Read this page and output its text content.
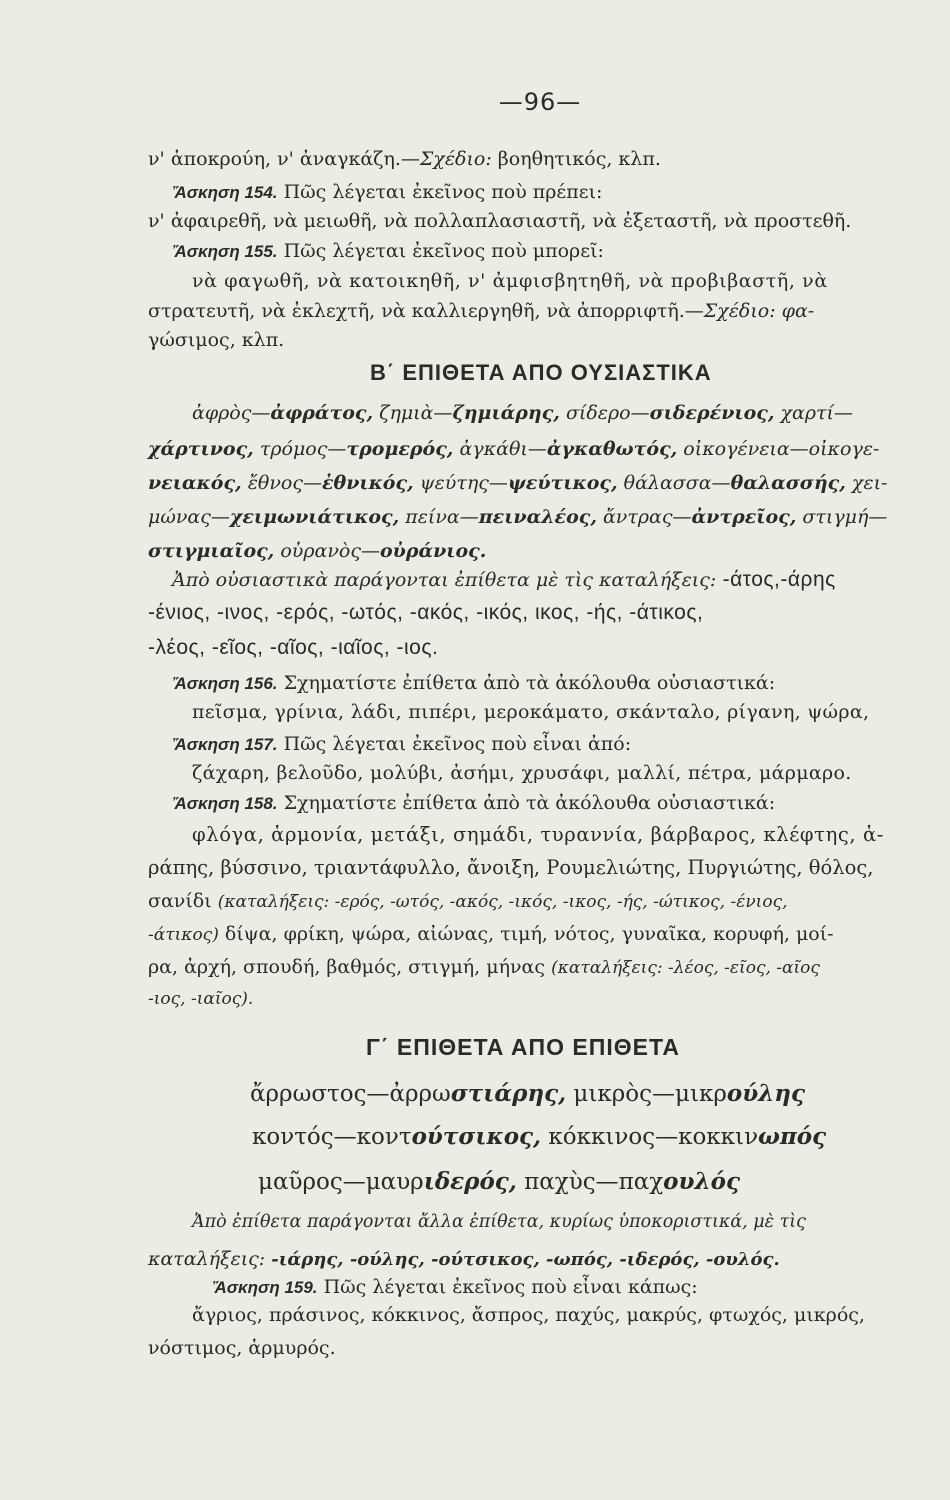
—96—
ν' ἀποκρούη, ν' ἀναγκάζη.—Σχέδιο: βοηθητικός, κλπ.
Ἄσκηση 154. Πῶς λέγεται ἐκεῖνος ποὺ πρέπει:
ν' ἀφαιρεθῆ, νὰ μειωθῆ, νὰ πολλαπλασιαστῆ, νὰ ἐξεταστῆ, νὰ προστεθῆ.
Ἄσκηση 155. Πῶς λέγεται ἐκεῖνος ποὺ μπορεῖ:
νὰ φαγωθῆ, νὰ κατοικηθῆ, ν' ἀμφισβητηθῆ, νὰ προβιβαστῆ, νὰ
στρατευτῆ, νὰ ἐκλεχτῆ, νὰ καλλιεργηθῆ, νὰ ἀπορριφτῆ.—Σχέδιο: φα-
γώσιμος, κλπ.
Β΄ ΕΠΙΘΕΤΑ ΑΠΟ ΟΥΣΙΑΣΤΙΚΑ
ἀφρὸς—ἀφράτος, ζημιὰ—ζημιάρης, σίδερο—σιδερένιος, χαρτί—
χάρτινος, τρόμος—τρομερός, ἀγκάθι—ἀγκαθωτός, οἰκογένεια—οἰκογε-
νειακός, ἔθνος—ἐθνικός, ψεύτης—ψεύτικος, θάλασσα—θαλασσής, χει-
μώνας—χειμωνιάτικος, πείνα—πειναλέος, ἄντρας—ἀντρεῖος, στιγμή—
στιγμιαῖος, οὐρανὸς—οὐράνιος.
Ἀπὸ οὐσιαστικὰ παράγονται ἐπίθετα μὲ τὶς καταλήξεις: -άτος,-άρης
-ένιος, -ινος, -ερός, -ωτός, -ακός, -ικός, ικος, -ής, -άτικος,
-λέος, -εῖος, -αῖος, -ιαῖος, -ιος.
Ἄσκηση 156. Σχηματίστε ἐπίθετα ἀπὸ τὰ ἀκόλουθα οὐσιαστικά:
πεῖσμα, γρίνια, λάδι, πιπέρι, μεροκάματο, σκάνταλο, ρίγανη, ψώρα,
Ἄσκηση 157. Πῶς λέγεται ἐκεῖνος ποὺ εἶναι ἀπό:
ζάχαρη, βελοῦδο, μολύβι, ἀσήμι, χρυσάφι, μαλλί, πέτρα, μάρμαρο.
Ἄσκηση 158. Σχηματίστε ἐπίθετα ἀπὸ τὰ ἀκόλουθα οὐσιαστικά:
φλόγα, ἁρμονία, μετάξι, σημάδι, τυραννία, βάρβαρος, κλέφτης, ἁ-
ράπης, βύσσινο, τριαντάφυλλο, ἄνοιξη, Ρουμελιώτης, Πυργιώτης, θόλος,
σανίδι (καταλήξεις: -ερός, -ωτός, -ακός, -ικός, -ικος, -ής, -ώτικος, -ένιος,
-άτικος) δίψα, φρίκη, ψώρα, αἰώνας, τιμή, νότος, γυναῖκα, κορυφή, μοί-
ρα, ἀρχή, σπουδή, βαθμός, στιγμή, μήνας (καταλήξεις: -λέος, -εῖος, -αῖος
-ιος, -ιαῖος).
Γ΄ ΕΠΙΘΕΤΑ ΑΠΟ ΕΠΙΘΕΤΑ
ἄρρωστος—ἀρρωστιάρης, μικρὸς—μικρούλης
κοντός—κοντούτσικος, κόκκινος—κοκκινωπός
μαῦρος—μαυριδερός, παχὺς—παχουλός
Ἀπὸ ἐπίθετα παράγονται ἄλλα ἐπίθετα, κυρίως ὑποκοριστικά, μὲ τὶς
καταλήξεις: -ιάρης, -ούλης, -ούτσικος, -ωπός, -ιδερός, -ουλός.
Ἄσκηση 159. Πῶς λέγεται ἐκεῖνος ποὺ εἶναι κάπως:
ἄγριος, πράσινος, κόκκινος, ἄσπρος, παχύς, μακρύς, φτωχός, μικρός,
νόστιμος, ἁρμυρός.
